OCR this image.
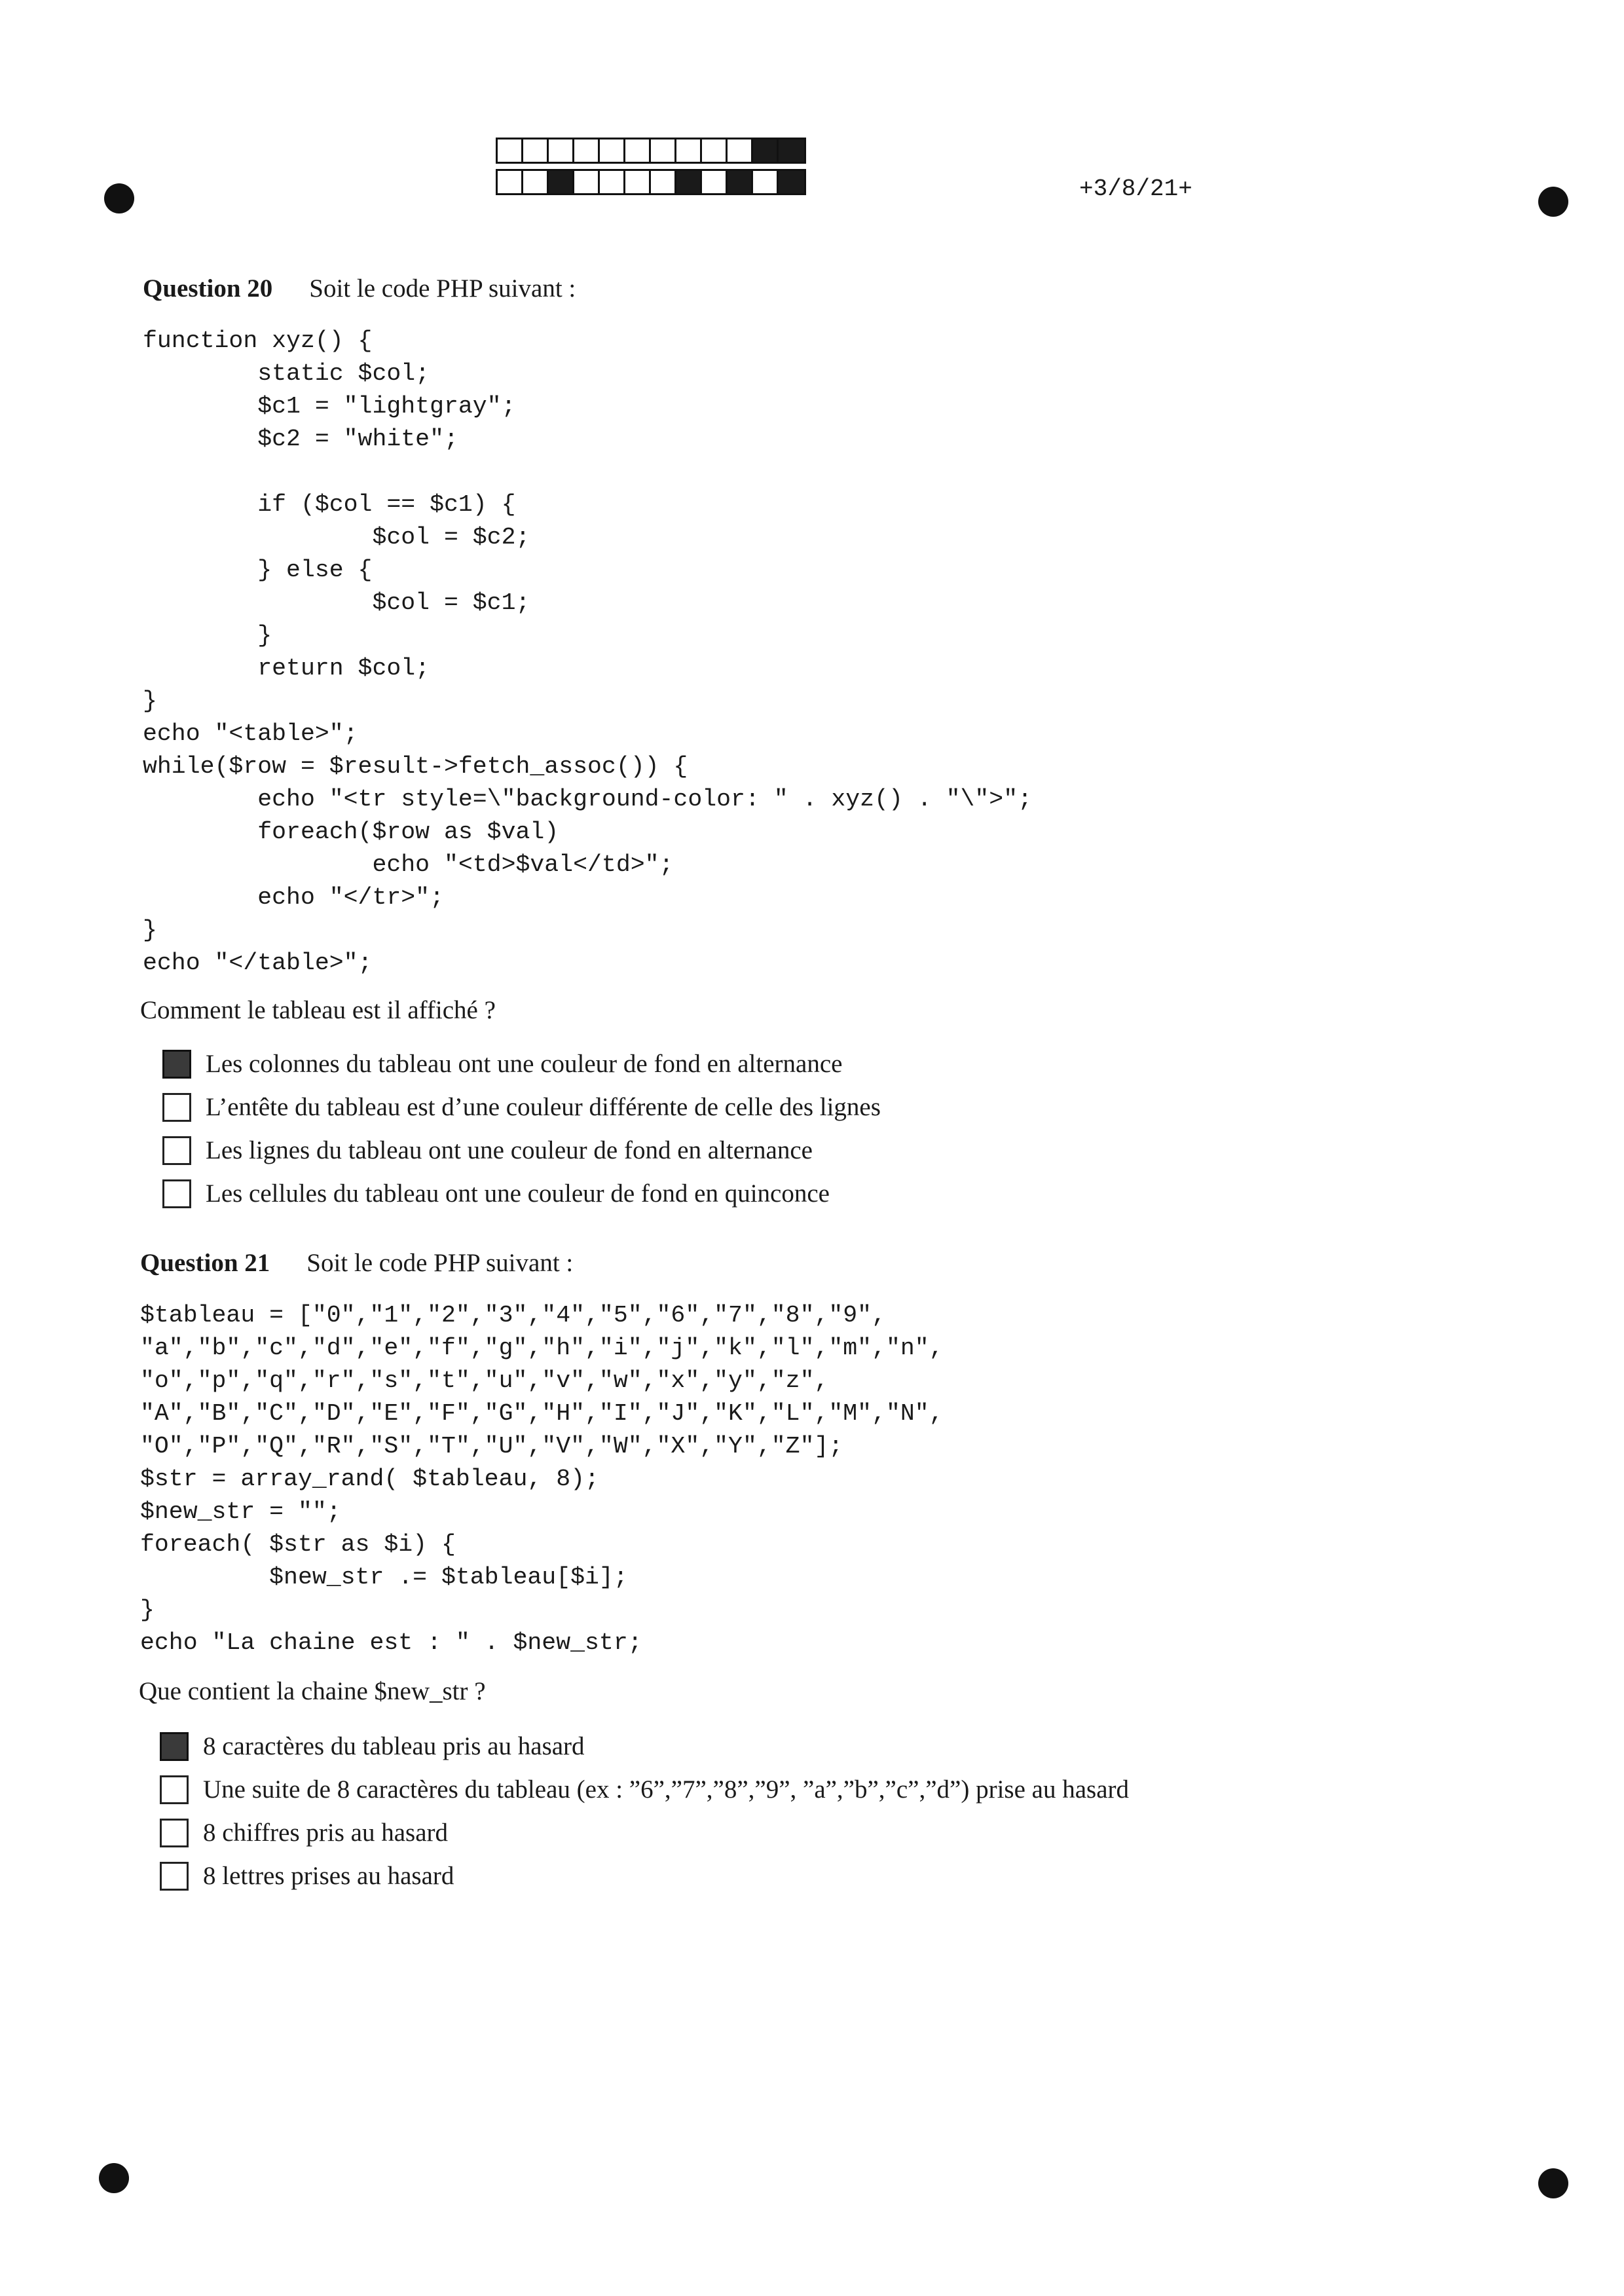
+3/8/21+
Question 20 Soit le code PHP suivant :
function xyz() {
static $col;
$c1 = "lightgray";
$c2 = "white";

if ($col == $c1) {
$col = $c2;
} else {
$col = $c1;
}
return $col;
}
echo "<table>";
while($row = $result->fetch_assoc()) {
echo "<tr style=\"background-color: " . xyz() . "\">";
foreach($row as $val)
echo "<td>$val</td>";
echo "</tr>";
}
echo "</table>";
Comment le tableau est il affiché ?
Les colonnes du tableau ont une couleur de fond en alternance
L’entête du tableau est d’une couleur différente de celle des lignes
Les lignes du tableau ont une couleur de fond en alternance
Les cellules du tableau ont une couleur de fond en quinconce
Question 21 Soit le code PHP suivant :
$tableau = ["0","1","2","3","4","5","6","7","8","9",
"a","b","c","d","e","f","g","h","i","j","k","l","m","n",
"o","p","q","r","s","t","u","v","w","x","y","z",
"A","B","C","D","E","F","G","H","I","J","K","L","M","N",
"O","P","Q","R","S","T","U","V","W","X","Y","Z"];
$str = array_rand( $tableau, 8);
$new_str = "";
foreach( $str as $i) {
$new_str .= $tableau[$i];
}
echo "La chaine est : " . $new_str;
Que contient la chaine $new_str ?
8 caractères du tableau pris au hasard
Une suite de 8 caractères du tableau (ex : ”6”,”7”,”8”,”9”, ”a”,”b”,”c”,”d”) prise au hasard
8 chiffres pris au hasard
8 lettres prises au hasard
